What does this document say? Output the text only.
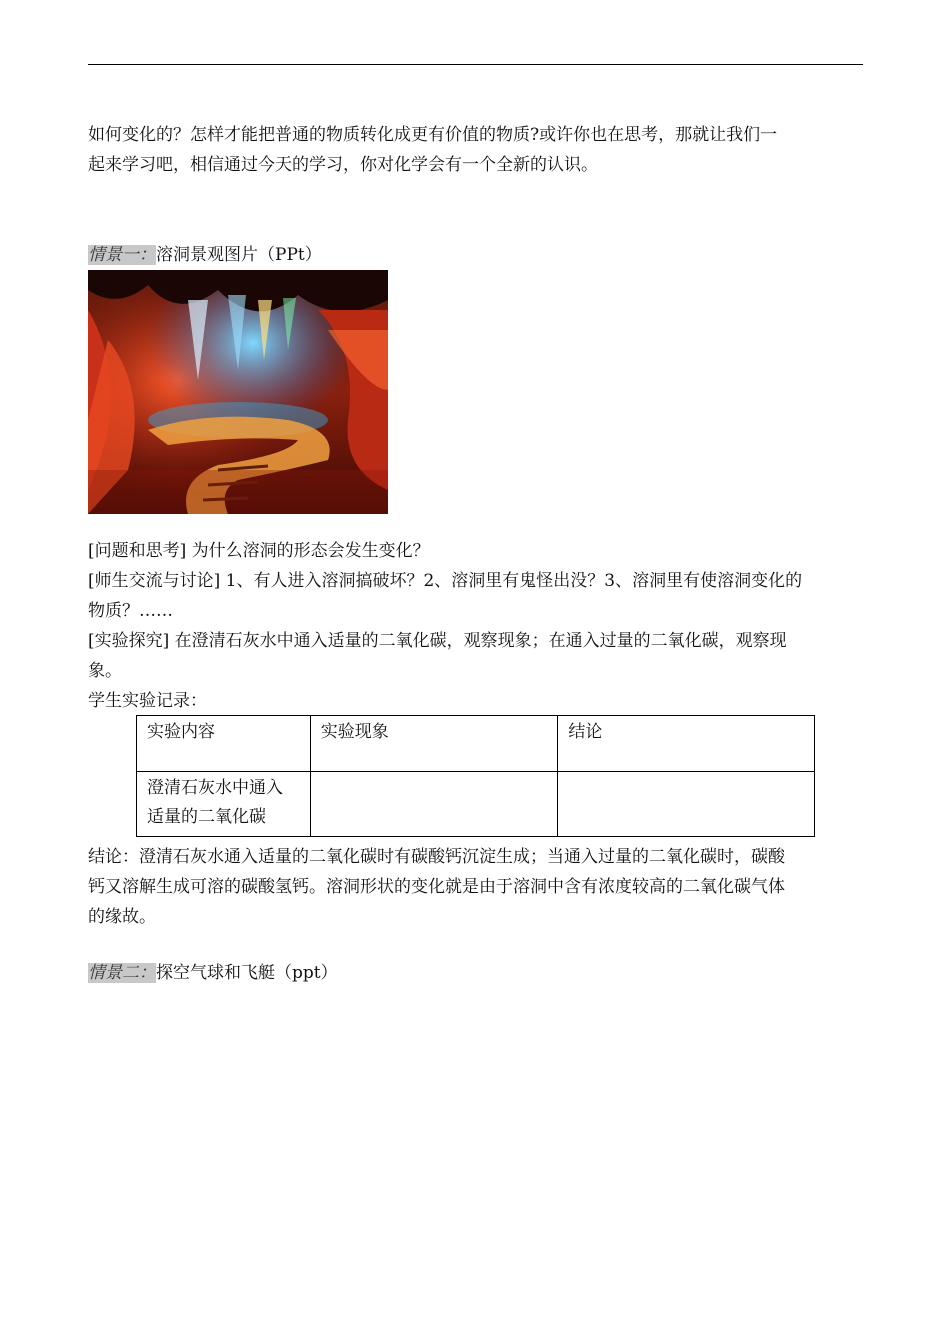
如何变化的？怎样才能把普通的物质转化成更有价值的物质?或许你也在思考，那就让我们一
起来学习吧，相信通过今天的学习，你对化学会有一个全新的认识。
情景一：溶洞景观图片（PPt）
[问题和思考] 为什么溶洞的形态会发生变化？
[师生交流与讨论] 1、有人进入溶洞搞破坏？2、溶洞里有鬼怪出没？3、溶洞里有使溶洞变化的
物质？……
[实验探究] 在澄清石灰水中通入适量的二氧化碳，观察现象；在通入过量的二氧化碳，观察现
象。
学生实验记录：
实验内容	实验现象	结论

澄清石灰水中通入
适量的二氧化碳		

结论：澄清石灰水通入适量的二氧化碳时有碳酸钙沉淀生成；当通入过量的二氧化碳时，碳酸
钙又溶解生成可溶的碳酸氢钙。溶洞形状的变化就是由于溶洞中含有浓度较高的二氧化碳气体
的缘故。
情景二：探空气球和飞艇（ppt）
